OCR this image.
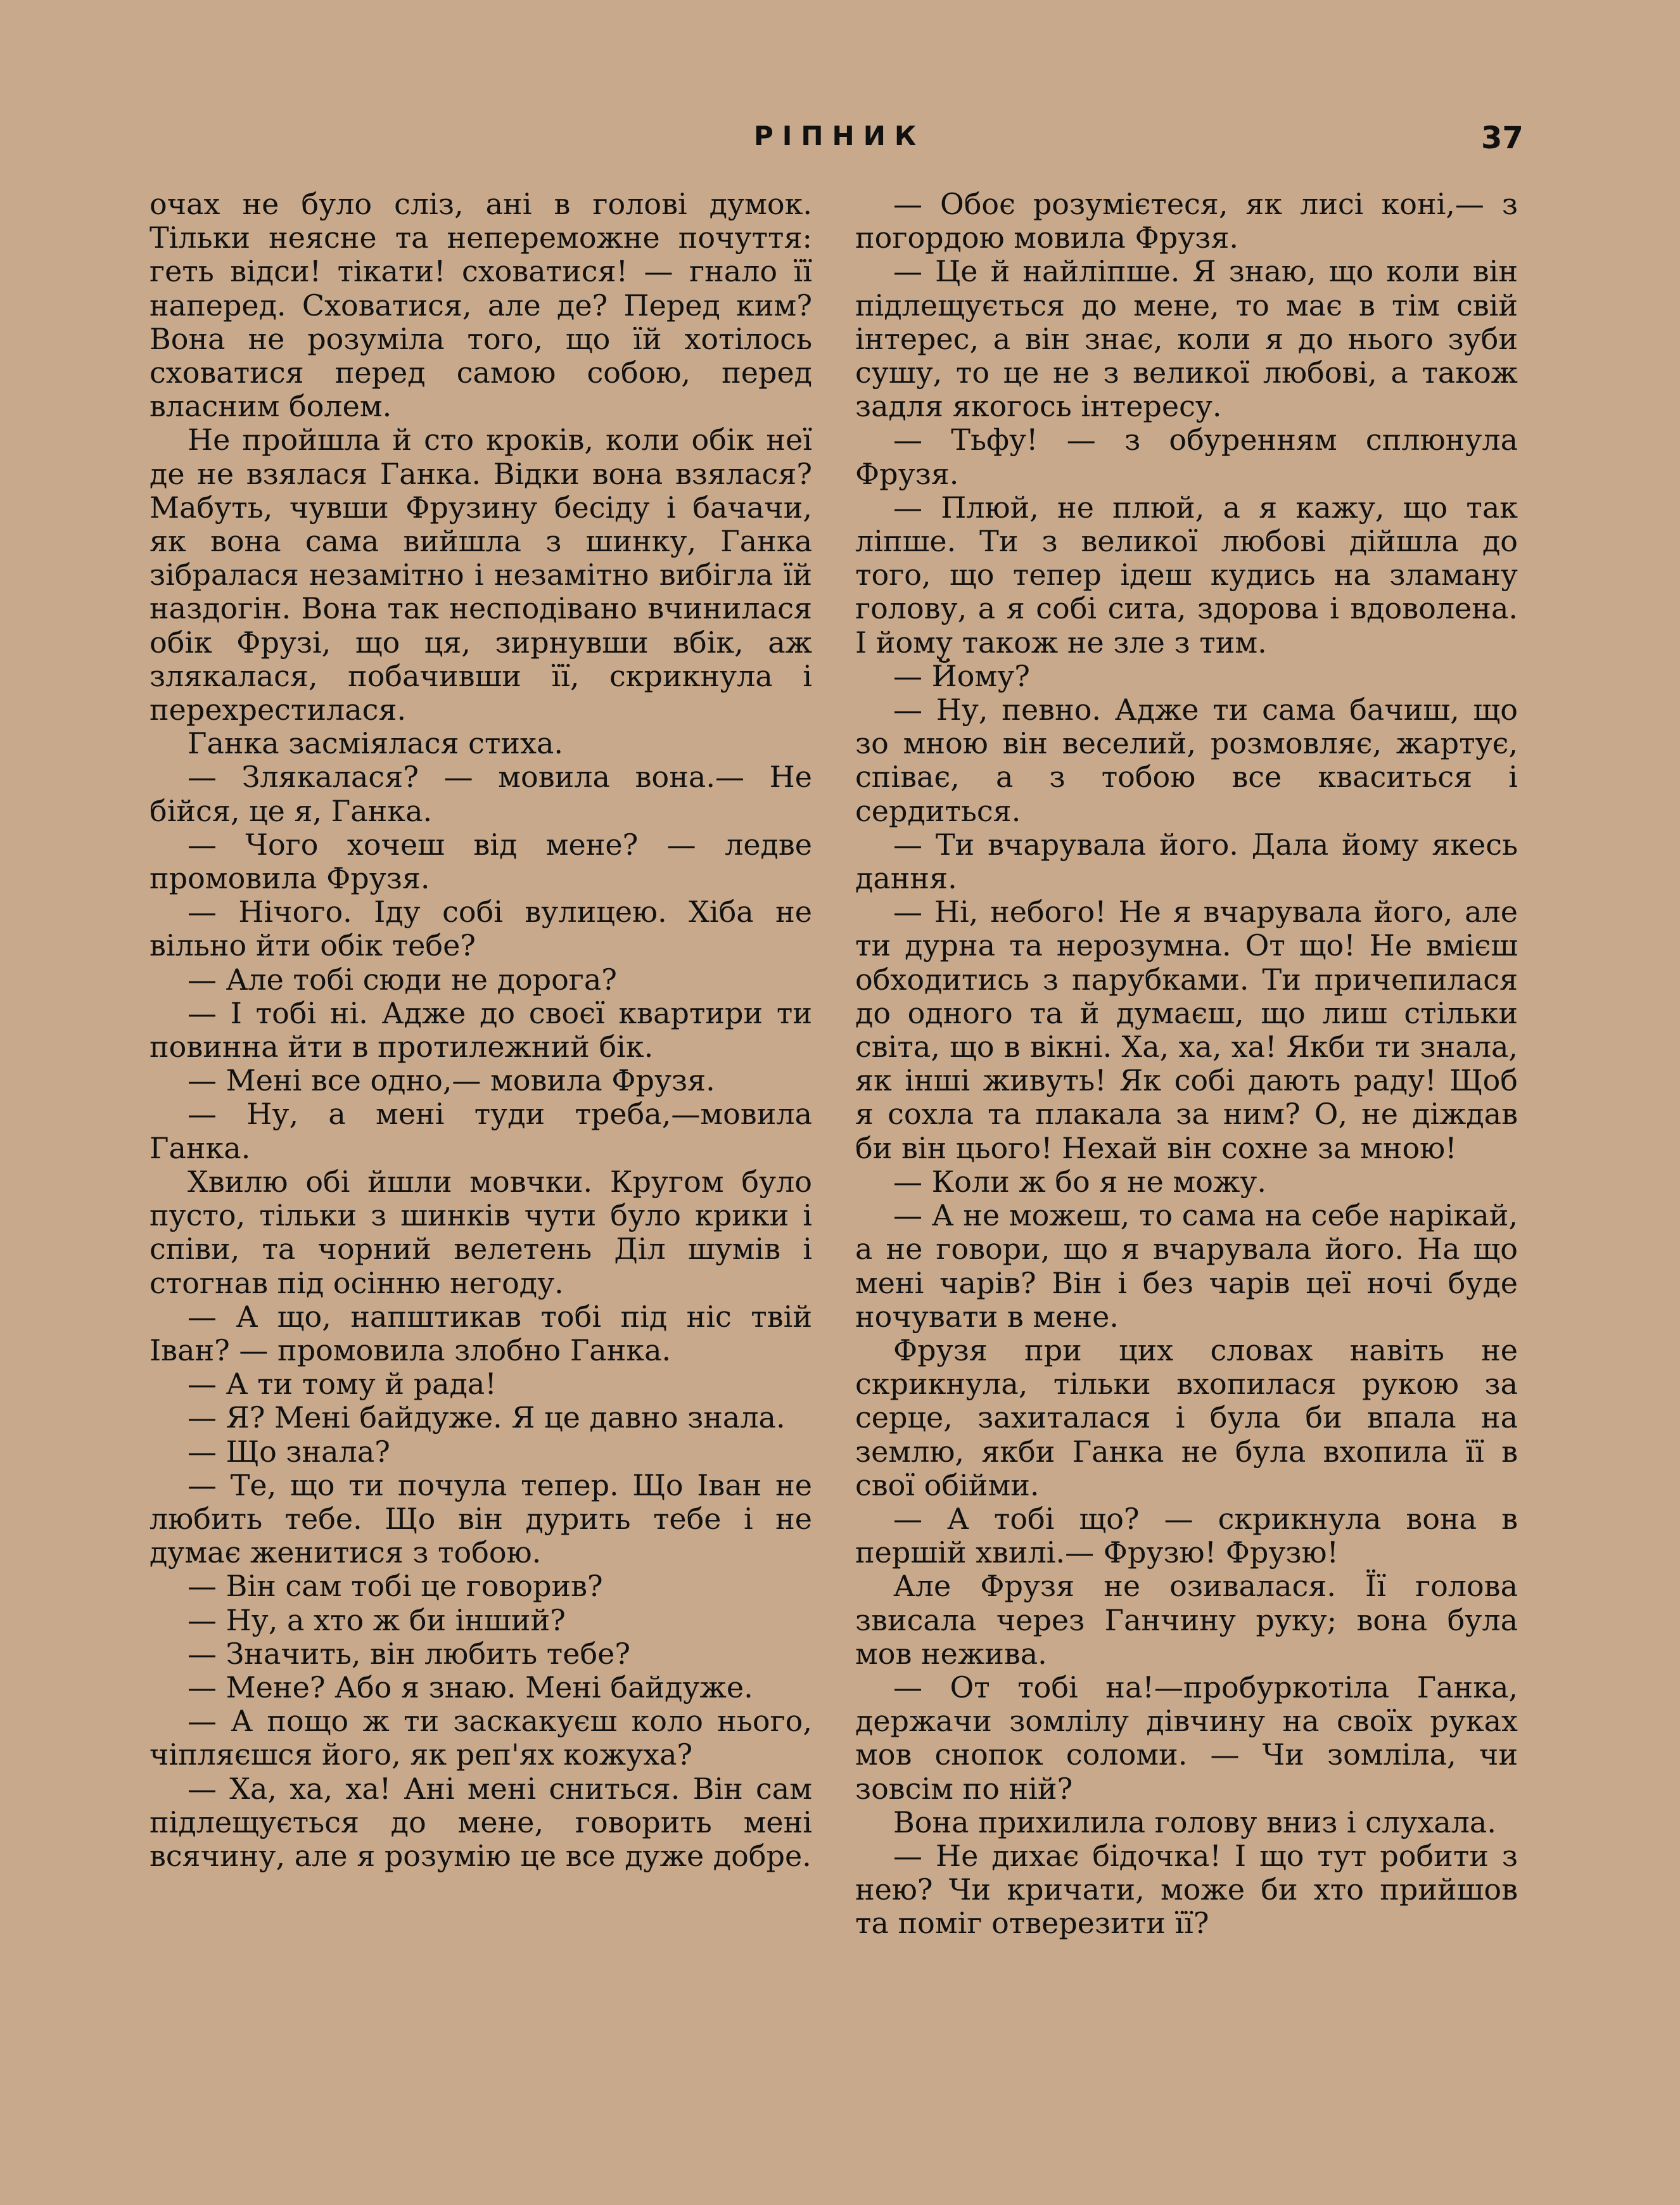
РІПНИК	37

очах не було сліз, ані в голові думок. Тільки неясне та непереможне почуття: геть відси! тікати! сховатися! — гнало її наперед. Сховатися, але де? Перед ким? Вона не розуміла того, що їй хотілось сховатися перед самою собою, перед власним болем.

Не пройшла й сто кроків, коли обік неї де не взялася Ганка. Відки вона взялася? Мабуть, чувши Фрузину бесіду і бачачи, як вона сама вийшла з шинку, Ганка зібралася незамітно і незамітно вибігла їй наздогін. Вона так несподівано вчинилася обік Фрузі, що ця, зирнувши вбік, аж злякалася, побачивши її, скрикнула і перехрестилася.

Ганка засміялася стиха.

— Злякалася? — мовила вона.— Не бійся, це я, Ганка.

— Чого хочеш від мене? — ледве промовила Фрузя.

— Нічого. Іду собі вулицею. Хіба не вільно йти обік тебе?

— Але тобі сюди не дорога?

— І тобі ні. Адже до своєї квартири ти повинна йти в протилежний бік.

— Мені все одно,— мовила Фрузя.

— Ну, а мені туди треба,—мовила Ганка.

Хвилю обі йшли мовчки. Кругом було пусто, тільки з шинків чути було крики і співи, та чорний велетень Діл шумів і стогнав під осінню негоду.

— А що, напштикав тобі під ніс твій Іван? — промовила злобно Ганка.

— А ти тому й рада!

— Я? Мені байдуже. Я це давно знала.

— Що знала?

— Те, що ти почула тепер. Що Іван не любить тебе. Що він дурить тебе і не думає женитися з тобою.

— Він сам тобі це говорив?

— Ну, а хто ж би інший?

— Значить, він любить тебе?

— Мене? Або я знаю. Мені байдуже.

— А пощо ж ти заскакуєш коло нього, чіпляєшся його, як реп'ях кожуха?

— Ха, ха, ха! Ані мені сниться. Він сам підлещується до мене, говорить мені всячину, але я розумію це все дуже добре.

— Обоє розумієтеся, як лисі коні,— з погордою мовила Фрузя.

— Це й найліпше. Я знаю, що коли він підлещується до мене, то має в тім свій інтерес, а він знає, коли я до нього зуби сушу, то це не з великої любові, а також задля якогось інтересу.

— Тьфу! — з обуренням сплюнула Фрузя.

— Плюй, не плюй, а я кажу, що так ліпше. Ти з великої любові дійшла до того, що тепер ідеш кудись на зламану голову, а я собі сита, здорова і вдоволена. І йому також не зле з тим.

— Йому?

— Ну, певно. Адже ти сама бачиш, що зо мною він веселий, розмовляє, жартує, співає, а з тобою все кваситься і сердиться.

— Ти вчарувала його. Дала йому якесь дання.

— Ні, небого! Не я вчарувала його, але ти дурна та нерозумна. От що! Не вмієш обходитись з парубками. Ти причепилася до одного та й думаєш, що лиш стільки світа, що в вікні. Ха, ха, ха! Якби ти знала, як інші живуть! Як собі дають раду! Щоб я сохла та плакала за ним? О, не діждав би він цього! Нехай він сохне за мною!

— Коли ж бо я не можу.

— А не можеш, то сама на себе нарікай, а не говори, що я вчарувала його. На що мені чарів? Він і без чарів цеї ночі буде ночувати в мене.

Фрузя при цих словах навіть не скрикнула, тільки вхопилася рукою за серце, захиталася і була би впала на землю, якби Ганка не була вхопила її в свої обійми.

— А тобі що? — скрикнула вона в першій хвилі.— Фрузю! Фрузю!

Але Фрузя не озивалася. Її голова звисала через Ганчину руку; вона була мов нежива.

— От тобі на!—пробуркотіла Ганка, держачи зомлілу дівчину на своїх руках мов снопок соломи. — Чи зомліла, чи зовсім по ній?

Вона прихилила голову вниз і слухала.

— Не дихає бідочка! І що тут робити з нею? Чи кричати, може би хто прийшов та поміг отверезити її?
